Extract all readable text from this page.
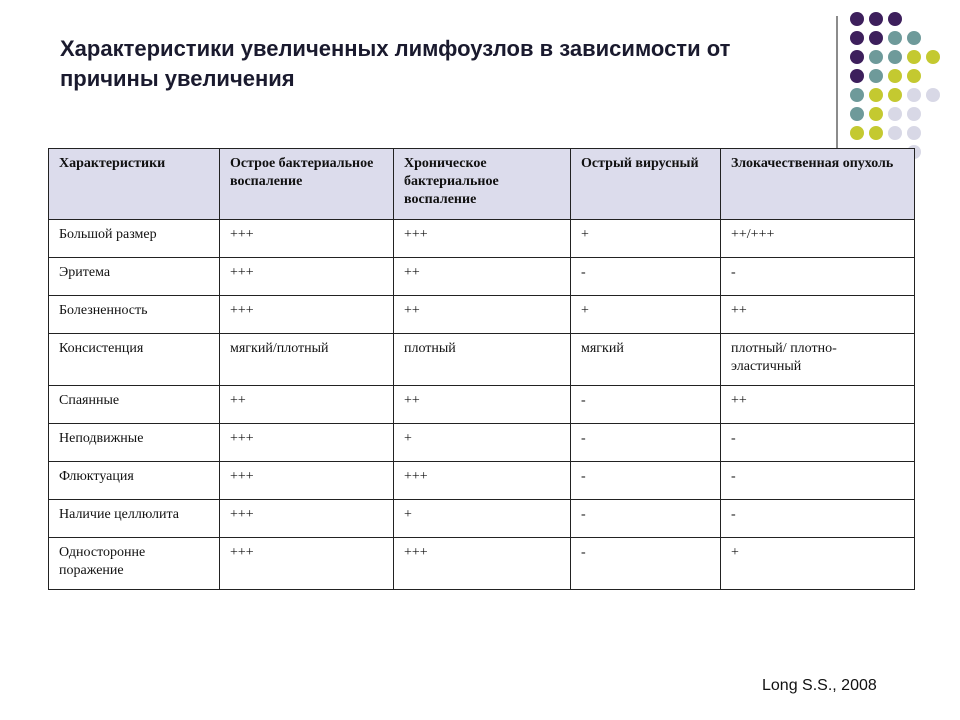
Характеристики увеличенных лимфоузлов в зависимости от причины увеличения
Характеристики	Острое бактериальное воспаление	Хроническое бактериальное воспаление	Острый вирусный	Злокачественная опухоль
Большой размер	+++	+++	+	++/+++
Эритема	+++	++	-	-
Болезненность	+++	++	+	++
Консистенция	мягкий/плотный	плотный	мягкий	плотный/ плотно-эластичный
Спаянные	++	++	-	++
Неподвижные	+++	+	-	-
Флюктуация	+++	+++	-	-
Наличие целлюлита	+++	+	-	-
Односторонне поражение	+++	+++	-	+
Long S.S., 2008
